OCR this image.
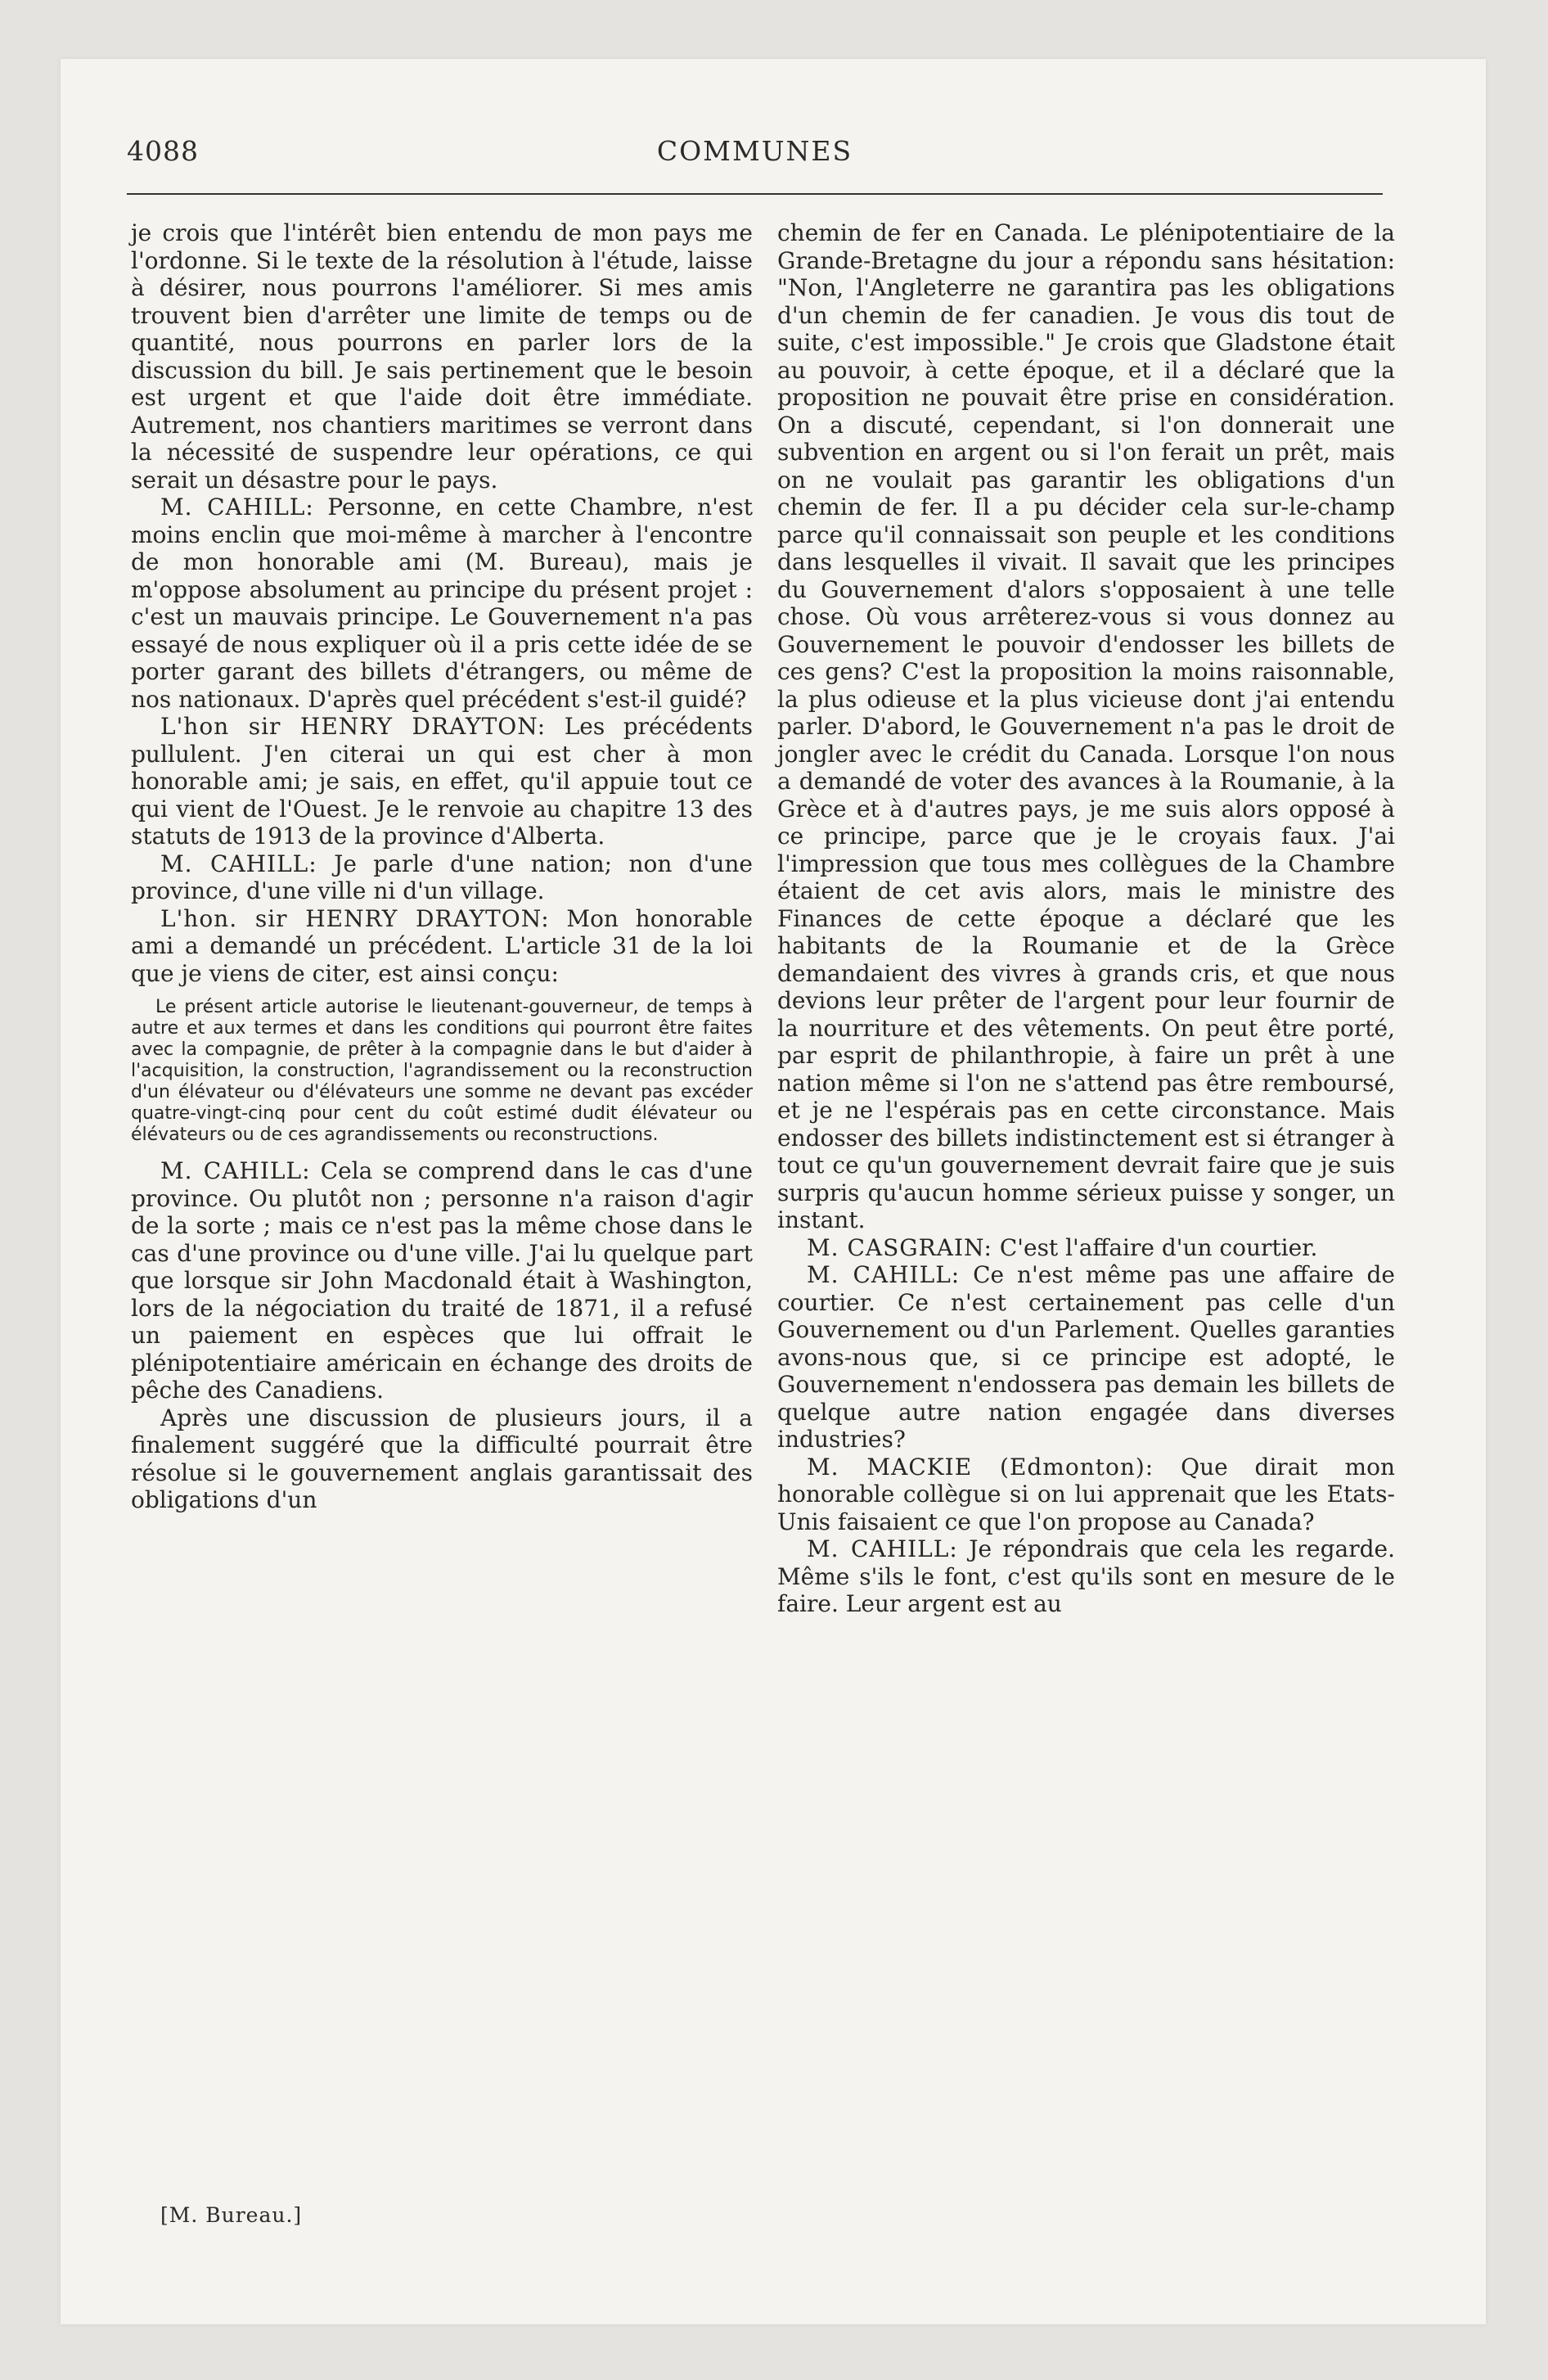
4088	COMMUNES

je crois que l'intérêt bien entendu de mon pays me l'ordonne. Si le texte de la résolution à l'étude, laisse à désirer, nous pourrons l'améliorer. Si mes amis trouvent bien d'arrêter une limite de temps ou de quantité, nous pourrons en parler lors de la discussion du bill. Je sais pertinement que le besoin est urgent et que l'aide doit être immédiate. Autrement, nos chantiers maritimes se verront dans la nécessité de suspendre leur opérations, ce qui serait un désastre pour le pays.

M. CAHILL: Personne, en cette Chambre, n'est moins enclin que moi-même à marcher à l'encontre de mon honorable ami (M. Bureau), mais je m'oppose absolument au principe du présent projet : c'est un mauvais principe. Le Gouvernement n'a pas essayé de nous expliquer où il a pris cette idée de se porter garant des billets d'étrangers, ou même de nos nationaux. D'après quel précédent s'est-il guidé?

L'hon sir HENRY DRAYTON: Les précédents pullulent. J'en citerai un qui est cher à mon honorable ami; je sais, en effet, qu'il appuie tout ce qui vient de l'Ouest. Je le renvoie au chapitre 13 des statuts de 1913 de la province d'Alberta.

M. CAHILL: Je parle d'une nation; non d'une province, d'une ville ni d'un village.

L'hon. sir HENRY DRAYTON: Mon honorable ami a demandé un précédent. L'article 31 de la loi que je viens de citer, est ainsi conçu:

Le présent article autorise le lieutenant-gouverneur, de temps à autre et aux termes et dans les conditions qui pourront être faites avec la compagnie, de prêter à la compagnie dans le but d'aider à l'acquisition, la construction, l'agrandissement ou la reconstruction d'un élévateur ou d'élévateurs une somme ne devant pas excéder quatre-vingt-cinq pour cent du coût estimé dudit élévateur ou élévateurs ou de ces agrandissements ou reconstructions.

M. CAHILL: Cela se comprend dans le cas d'une province. Ou plutôt non ; personne n'a raison d'agir de la sorte ; mais ce n'est pas la même chose dans le cas d'une province ou d'une ville. J'ai lu quelque part que lorsque sir John Macdonald était à Washington, lors de la négociation du traité de 1871, il a refusé un paiement en espèces que lui offrait le plénipotentiaire américain en échange des droits de pêche des Canadiens.

Après une discussion de plusieurs jours, il a finalement suggéré que la difficulté pourrait être résolue si le gouvernement anglais garantissait des obligations d'un

chemin de fer en Canada. Le plénipotentiaire de la Grande-Bretagne du jour a répondu sans hésitation: "Non, l'Angleterre ne garantira pas les obligations d'un chemin de fer canadien. Je vous dis tout de suite, c'est impossible." Je crois que Gladstone était au pouvoir, à cette époque, et il a déclaré que la proposition ne pouvait être prise en considération. On a discuté, cependant, si l'on donnerait une subvention en argent ou si l'on ferait un prêt, mais on ne voulait pas garantir les obligations d'un chemin de fer. Il a pu décider cela sur-le-champ parce qu'il connaissait son peuple et les conditions dans lesquelles il vivait. Il savait que les principes du Gouvernement d'alors s'opposaient à une telle chose. Où vous arrêterez-vous si vous donnez au Gouvernement le pouvoir d'endosser les billets de ces gens? C'est la proposition la moins raisonnable, la plus odieuse et la plus vicieuse dont j'ai entendu parler. D'abord, le Gouvernement n'a pas le droit de jongler avec le crédit du Canada. Lorsque l'on nous a demandé de voter des avances à la Roumanie, à la Grèce et à d'autres pays, je me suis alors opposé à ce principe, parce que je le croyais faux. J'ai l'impression que tous mes collègues de la Chambre étaient de cet avis alors, mais le ministre des Finances de cette époque a déclaré que les habitants de la Roumanie et de la Grèce demandaient des vivres à grands cris, et que nous devions leur prêter de l'argent pour leur fournir de la nourriture et des vêtements. On peut être porté, par esprit de philanthropie, à faire un prêt à une nation même si l'on ne s'attend pas être remboursé, et je ne l'espérais pas en cette circonstance. Mais endosser des billets indistinctement est si étranger à tout ce qu'un gouvernement devrait faire que je suis surpris qu'aucun homme sérieux puisse y songer, un instant.

M. CASGRAIN: C'est l'affaire d'un courtier.

M. CAHILL: Ce n'est même pas une affaire de courtier. Ce n'est certainement pas celle d'un Gouvernement ou d'un Parlement. Quelles garanties avons-nous que, si ce principe est adopté, le Gouvernement n'endossera pas demain les billets de quelque autre nation engagée dans diverses industries?

M. MACKIE (Edmonton): Que dirait mon honorable collègue si on lui apprenait que les Etats-Unis faisaient ce que l'on propose au Canada?

M. CAHILL: Je répondrais que cela les regarde. Même s'ils le font, c'est qu'ils sont en mesure de le faire. Leur argent est au

[M. Bureau.]
